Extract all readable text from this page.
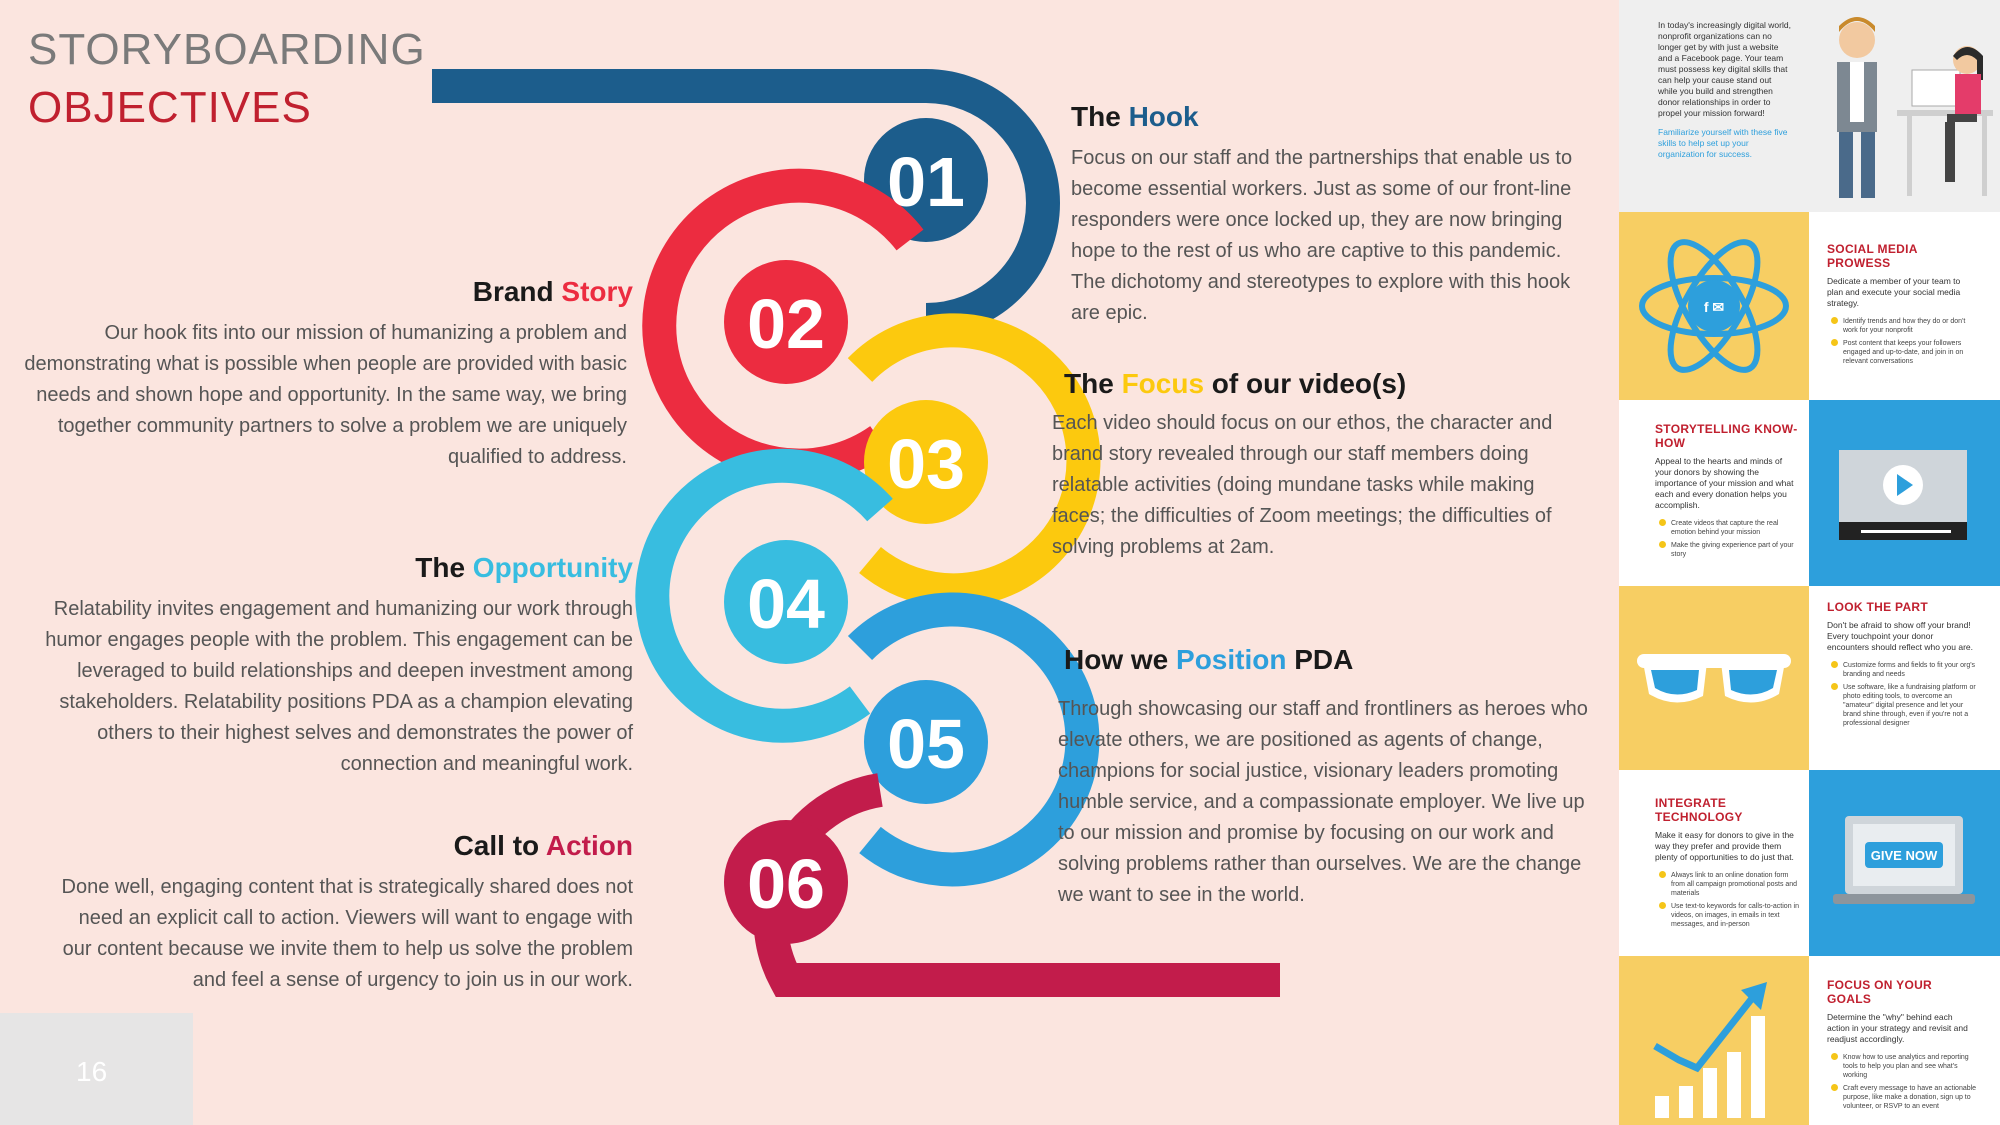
STORYBOARDING
OBJECTIVES
01
02
03
04
05
06
The Hook
Focus on our staff and the partnerships that enable us to become essential workers. Just as some of our front-line responders were once locked up, they are now bringing hope to the rest of us who are captive to this pandemic. The dichotomy and stereotypes to explore with this hook are epic.
Brand Story
Our hook fits into our mission of humanizing a problem and demonstrating what is possible when people are provided with basic needs and shown hope and opportunity. In the same way, we bring together community partners to solve a problem we are uniquely qualified to address.
The Focus of our video(s)
Each video should focus on our ethos, the character and brand story revealed through our staff members doing relatable activities (doing mundane tasks while making faces; the difficulties of Zoom meetings; the difficulties of solving problems at 2am.
The Opportunity
Relatability invites engagement and humanizing our work through humor engages people with the problem. This engagement can be leveraged to build relationships and deepen investment among stakeholders. Relatability positions PDA as a champion elevating others to their highest selves and demonstrates the power of connection and meaningful work.
How we Position PDA
Through showcasing our staff and frontliners as heroes who elevate others, we are positioned as agents of change, champions for social justice, visionary leaders promoting humble service, and a compassionate employer. We live up to our mission and promise by focusing on our work and solving problems rather than ourselves. We are the change we want to see in the world.
Call to Action
Done well, engaging content that is strategically shared does not need an explicit call to action. Viewers will want to engage with our content because we invite them to help us solve the problem and feel a sense of urgency to join us in our work.
16

In today's increasingly digital world, nonprofit organizations can no longer get by with just a website and a Facebook page. Your team must possess key digital skills that can help your cause stand out while you build and strengthen donor relationships in order to propel your mission forward!

Familiarize yourself with these five skills to help set up your organization for success.

f ✉
SOCIAL MEDIA PROWESS

Dedicate a member of your team to plan and execute your social media strategy.

Identify trends and how they do or don't work for your nonprofit
Post content that keeps your followers engaged and up-to-date, and join in on relevant conversations
STORYTELLING KNOW-HOW

Appeal to the hearts and minds of your donors by showing the importance of your mission and what each and every donation helps you accomplish.

Create videos that capture the real emotion behind your mission
Make the giving experience part of your story
LOOK THE PART

Don't be afraid to show off your brand! Every touchpoint your donor encounters should reflect who you are.

Customize forms and fields to fit your org's branding and needs
Use software, like a fundraising platform or photo editing tools, to overcome an "amateur" digital presence and let your brand shine through, even if you're not a professional designer
INTEGRATE TECHNOLOGY

Make it easy for donors to give in the way they prefer and provide them plenty of opportunities to do just that.

Always link to an online donation form from all campaign promotional posts and materials
Use text-to keywords for calls-to-action in videos, on images, in emails in text messages, and in-person
GIVE NOW
FOCUS ON YOUR GOALS

Determine the "why" behind each action in your strategy and revisit and readjust accordingly.

Know how to use analytics and reporting tools to help you plan and see what's working
Craft every message to have an actionable purpose, like make a donation, sign up to volunteer, or RSVP to an event
